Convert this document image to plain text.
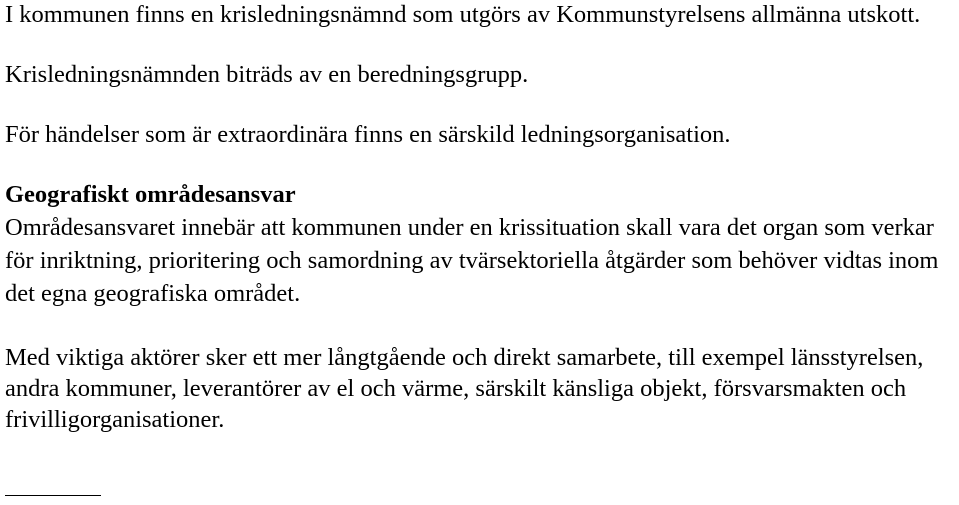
I kommunen finns en krisledningsnämnd som utgörs av Kommunstyrelsens allmänna utskott.

Krisledningsnämnden biträds av en beredningsgrupp.

För händelser som är extraordinära finns en särskild ledningsorganisation.

Geografiskt områdesansvar

Områdesansvaret innebär att kommunen under en krissituation skall vara det organ som verkar för inriktning, prioritering och samordning av tvärsektoriella åtgärder som behöver vidtas inom det egna geografiska området.

Med viktiga aktörer sker ett mer långtgående och direkt samarbete, till exempel länsstyrelsen, andra kommuner, leverantörer av el och värme, särskilt känsliga objekt, försvarsmakten och frivilligorganisationer.
